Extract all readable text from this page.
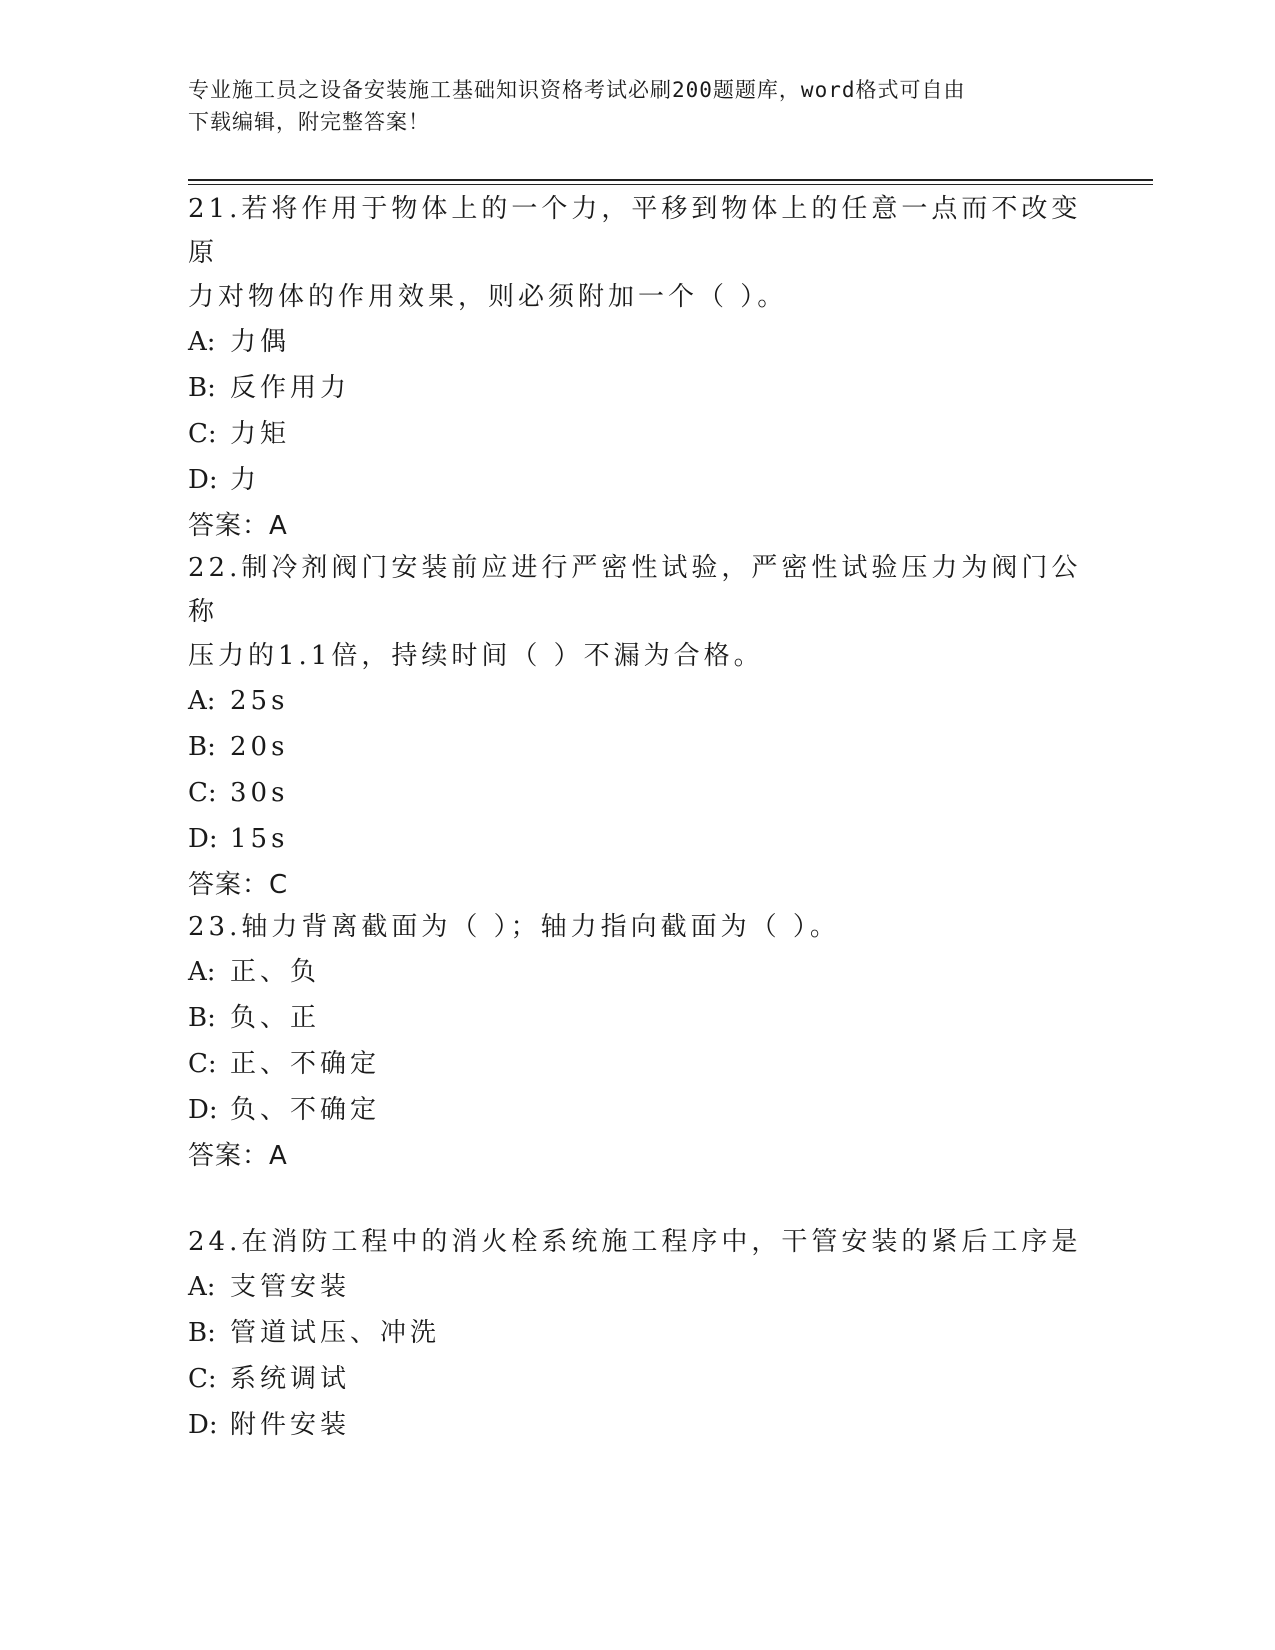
专业施工员之设备安装施工基础知识资格考试必刷200题题库，word格式可自由
下载编辑，附完整答案！

21.若将作用于物体上的一个力，平移到物体上的任意一点而不改变原

力对物体的作用效果，则必须附加一个（ ）。

A: 力偶

B: 反作用力

C: 力矩

D: 力

答案：A

22.制冷剂阀门安装前应进行严密性试验，严密性试验压力为阀门公称

压力的1.1倍，持续时间（ ）不漏为合格。

A: 25s

B: 20s

C: 30s

D: 15s

答案：C

23.轴力背离截面为（ ）；轴力指向截面为（ ）。

A: 正、负

B: 负、正

C: 正、不确定

D: 负、不确定

答案：A

24.在消防工程中的消火栓系统施工程序中，干管安装的紧后工序是

A: 支管安装

B: 管道试压、冲洗

C: 系统调试

D: 附件安装
